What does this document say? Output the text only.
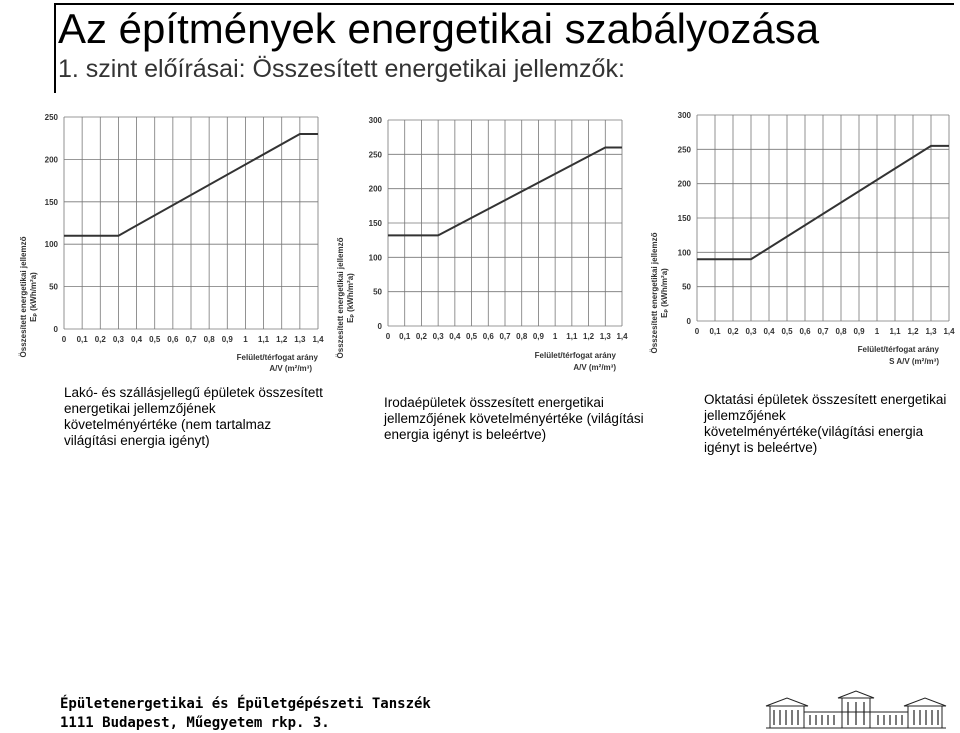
Az építmények energetikai szabályozása
1. szint előírásai: Összesített energetikai jellemzők:
Összesített energetikai jellemző Eₚ (kWh/m²a)
0 0,1 0,2 0,3 0,4 0,5 0,6 0,7 0,8 0,9 1 1,1 1,2 1,3 1,4
0
50
100
150
200
250
Felület/térfogat arány
A/V (m²/m³)
Összesített energetikai jellemző Eₚ (kWh/m²a)
0 0,1 0,2 0,3 0,4 0,5 0,6 0,7 0,8 0,9 1 1,1 1,2 1,3 1,4
0
50
100
150
200
250
300
Felület/térfogat arány
A/V (m²/m³)
Összesített energetikai jellemző Eₚ (kWh/m²a)
0 0,1 0,2 0,3 0,4 0,5 0,6 0,7 0,8 0,9 1 1,1 1,2 1,3 1,4
0
50
100
150
200
250
300
Felület/térfogat arány
S A/V (m²/m³)
Lakó- és szállásjellegű épületek összesített energetikai jellemzőjének követelményértéke (nem tartalmaz világítási energia igényt)
Irodaépületek összesített energetikai jellemzőjének követelményértéke (világítási energia igényt is beleértve)
Oktatási épületek összesített energetikai jellemzőjének követelményértéke(világítási energia igényt is beleértve)
Épületenergetikai és Épületgépészeti Tanszék
1111 Budapest, Műegyetem rkp. 3.
